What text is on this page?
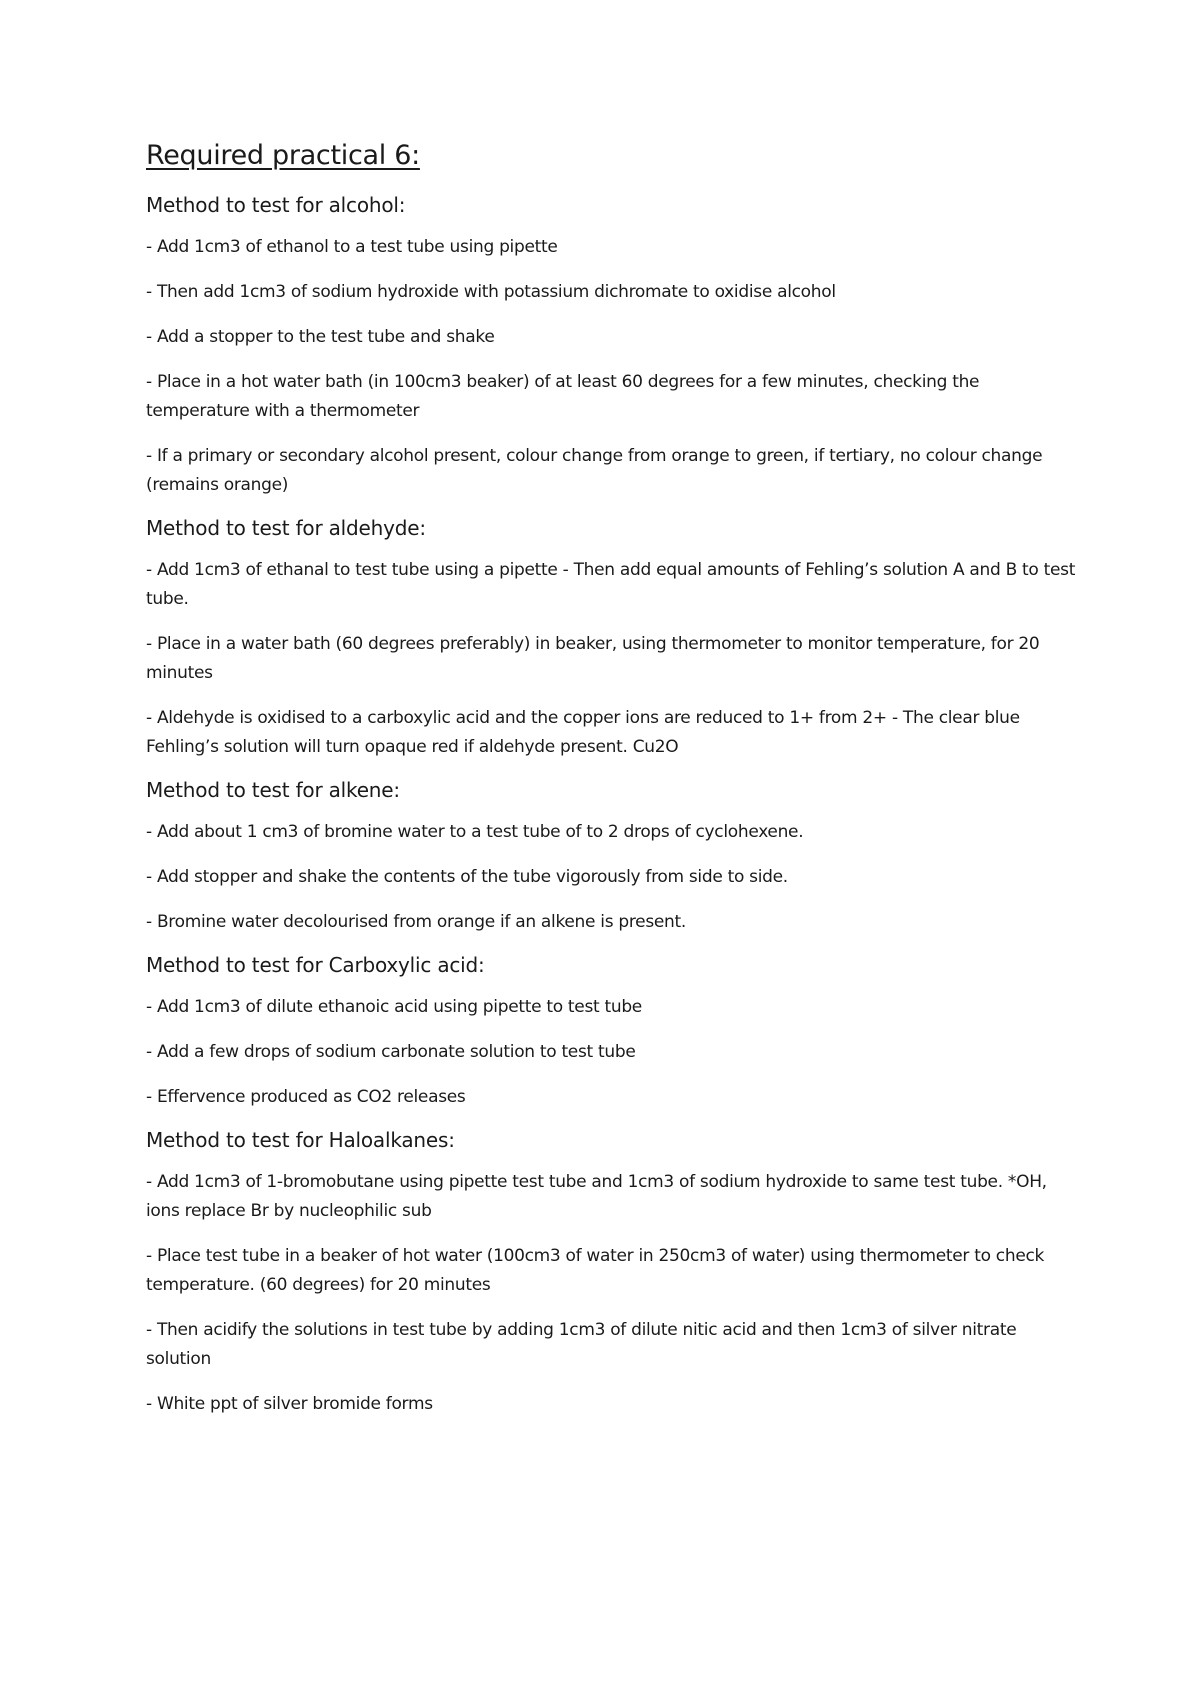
Required practical 6:
Method to test for alcohol:
- Add 1cm3 of ethanol to a test tube using pipette
- Then add 1cm3 of sodium hydroxide with potassium dichromate to oxidise alcohol
- Add a stopper to the test tube and shake
- Place in a hot water bath (in 100cm3 beaker) of at least 60 degrees for a few minutes, checking the temperature with a thermometer
- If a primary or secondary alcohol present, colour change from orange to green, if tertiary, no colour change (remains orange)
Method to test for aldehyde:
- Add 1cm3 of ethanal to test tube using a pipette - Then add equal amounts of Fehling’s solution A and B to test tube.
- Place in a water bath (60 degrees preferably) in beaker, using thermometer to monitor temperature, for 20 minutes
- Aldehyde is oxidised to a carboxylic acid and the copper ions are reduced to 1+ from 2+ - The clear blue Fehling’s solution will turn opaque red if aldehyde present. Cu2O
Method to test for alkene:
- Add about 1 cm3 of bromine water to a test tube of to 2 drops of cyclohexene.
- Add stopper and shake the contents of the tube vigorously from side to side.
- Bromine water decolourised from orange if an alkene is present.
Method to test for Carboxylic acid:
- Add 1cm3 of dilute ethanoic acid using pipette to test tube
- Add a few drops of sodium carbonate solution to test tube
- Effervence produced as CO2 releases
Method to test for Haloalkanes:
- Add 1cm3 of 1-bromobutane using pipette test tube and 1cm3 of sodium hydroxide to same test tube. *OH, ions replace Br by nucleophilic sub
- Place test tube in a beaker of hot water (100cm3 of water in 250cm3 of water) using thermometer to check temperature. (60 degrees) for 20 minutes
- Then acidify the solutions in test tube by adding 1cm3 of dilute nitic acid and then 1cm3 of silver nitrate solution
- White ppt of silver bromide forms
